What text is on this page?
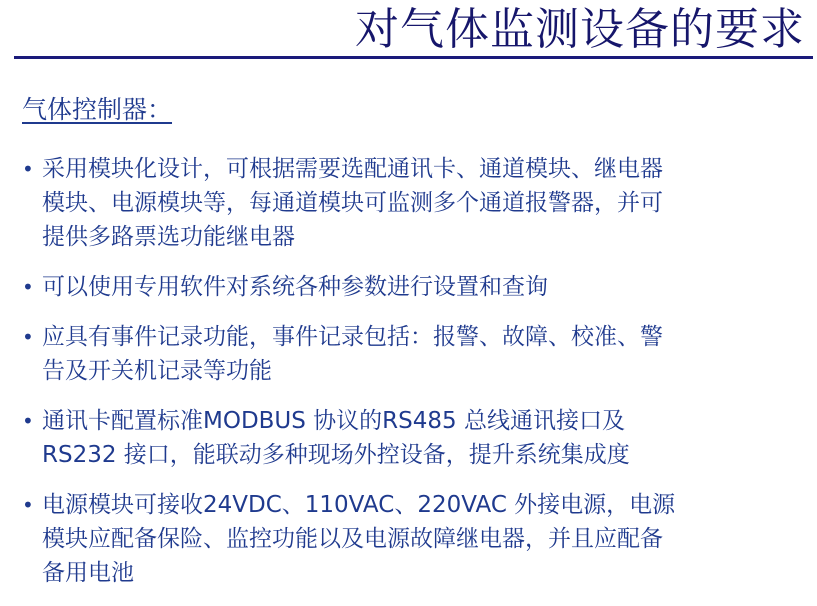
对气体监测设备的要求
气体控制器：
• 采用模块化设计，可根据需要选配通讯卡、通道模块、继电器
模块、电源模块等，每通道模块可监测多个通道报警器，并可
提供多路票选功能继电器
• 可以使用专用软件对系统各种参数进行设置和查询
• 应具有事件记录功能，事件记录包括：报警、故障、校准、警
告及开关机记录等功能
• 通讯卡配置标准MODBUS 协议的RS485 总线通讯接口及
RS232 接口，能联动多种现场外控设备，提升系统集成度
• 电源模块可接收24VDC、110VAC、220VAC 外接电源，电源
模块应配备保险、监控功能以及电源故障继电器，并且应配备
备用电池
